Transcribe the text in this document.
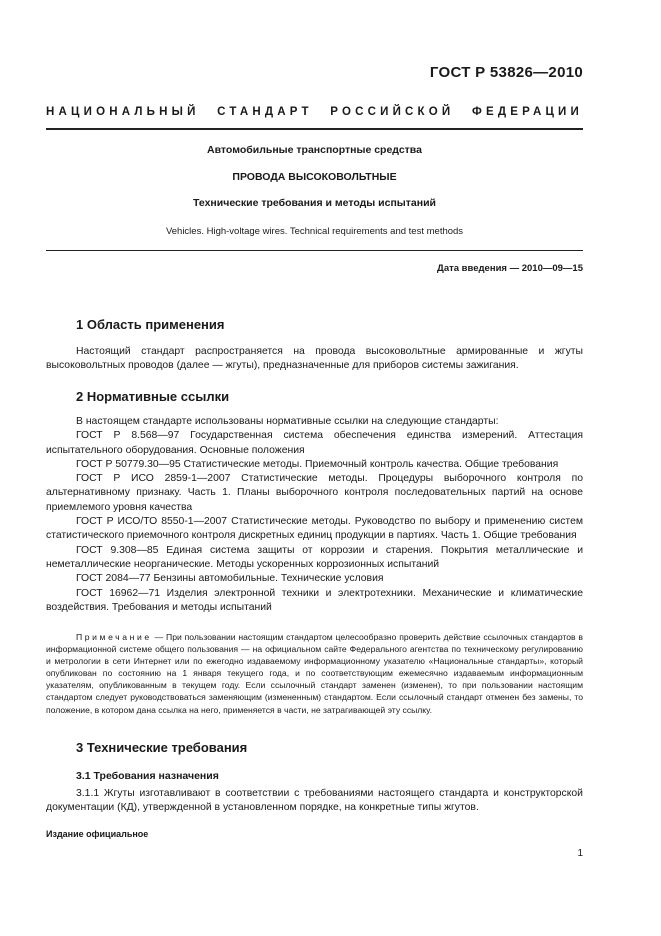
ГОСТ Р 53826—2010
НАЦИОНАЛЬНЫЙ СТАНДАРТ РОССИЙСКОЙ ФЕДЕРАЦИИ
Автомобильные транспортные средства
ПРОВОДА ВЫСОКОВОЛЬТНЫЕ
Технические требования и методы испытаний
Vehicles. High-voltage wires. Technical requirements and test methods
Дата введения — 2010—09—15
1 Область применения

Настоящий стандарт распространяется на провода высоковольтные армированные и жгуты высоковольтных проводов (далее — жгуты), предназначенные для приборов системы зажигания.

2 Нормативные ссылки

В настоящем стандарте использованы нормативные ссылки на следующие стандарты:

ГОСТ Р 8.568—97 Государственная система обеспечения единства измерений. Аттестация испытательного оборудования. Основные положения

ГОСТ Р 50779.30—95 Статистические методы. Приемочный контроль качества. Общие требования

ГОСТ Р ИСО 2859-1—2007 Статистические методы. Процедуры выборочного контроля по альтернативному признаку. Часть 1. Планы выборочного контроля последовательных партий на основе приемлемого уровня качества

ГОСТ Р ИСО/ТО 8550-1—2007 Статистические методы. Руководство по выбору и применению систем статистического приемочного контроля дискретных единиц продукции в партиях. Часть 1. Общие требования

ГОСТ 9.308—85 Единая система защиты от коррозии и старения. Покрытия металлические и неметаллические неорганические. Методы ускоренных коррозионных испытаний

ГОСТ 2084—77 Бензины автомобильные. Технические условия

ГОСТ 16962—71 Изделия электронной техники и электротехники. Механические и климатические воздействия. Требования и методы испытаний

Примечание — При пользовании настоящим стандартом целесообразно проверить действие ссылочных стандартов в информационной системе общего пользования — на официальном сайте Федерального агентства по техническому регулированию и метрологии в сети Интернет или по ежегодно издаваемому информационному указателю «Национальные стандарты», который опубликован по состоянию на 1 января текущего года, и по соответствующим ежемесячно издаваемым информационным указателям, опубликованным в текущем году. Если ссылочный стандарт заменен (изменен), то при пользовании настоящим стандартом следует руководствоваться заменяющим (измененным) стандартом. Если ссылочный стандарт отменен без замены, то положение, в котором дана ссылка на него, применяется в части, не затрагивающей эту ссылку.

3 Технические требования
3.1 Требования назначения

3.1.1 Жгуты изготавливают в соответствии с требованиями настоящего стандарта и конструкторской документации (КД), утвержденной в установленном порядке, на конкретные типы жгутов.

Издание официальное
1
